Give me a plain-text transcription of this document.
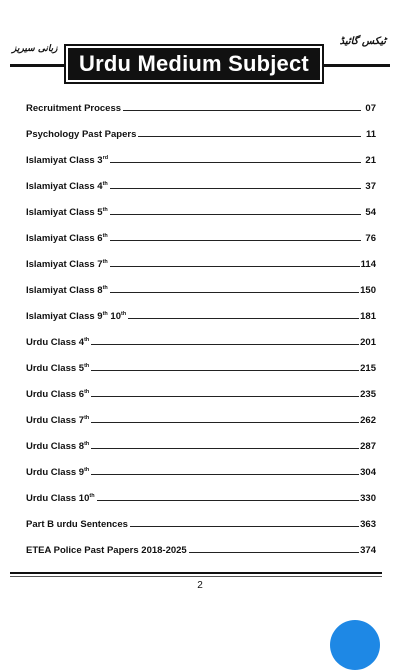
زبانی سیریز
ٹیکس گائیڈ
Urdu Medium Subject
Recruitment Process	07
Psychology Past Papers	11
Islamiyat Class 3rd	21
Islamiyat Class 4th	37
Islamiyat Class 5th	54
Islamiyat Class 6th	76
Islamiyat Class 7th	114
Islamiyat Class 8th	150
Islamiyat Class 9th 10th	181
Urdu Class 4th	201
Urdu Class 5th	215
Urdu Class 6th	235
Urdu Class 7th	262
Urdu Class 8th	287
Urdu Class 9th	304
Urdu Class 10th	330
Part B urdu Sentences	363
ETEA Police Past Papers 2018-2025	374
2
